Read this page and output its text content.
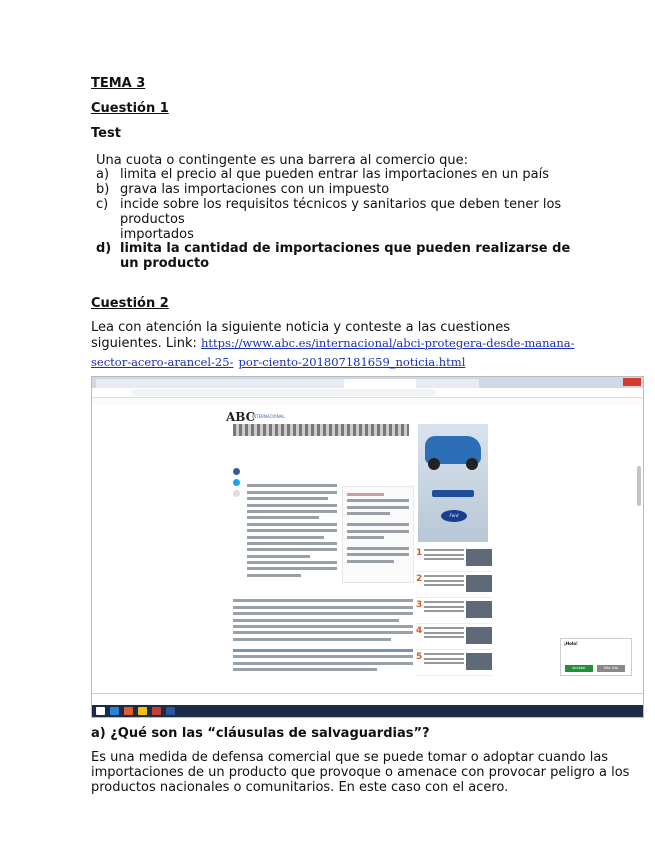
TEMA 3
Cuestión 1
Test
Una cuota o contingente es una barrera al comercio que:
a) limita el precio al que pueden entrar las importaciones en un país
b) grava las importaciones con un impuesto
c) incide sobre los requisitos técnicos y sanitarios que deben tener los
productos
importados
d) limita la cantidad de importaciones que pueden realizarse de
un producto
Cuestión 2
Lea con atención la siguiente noticia y conteste a las cuestiones
siguientes. Link: https://www.abc.es/internacional/abci-protegera-desde-manana-
sector-acero-arancel-25- por-ciento-201807181659_noticia.html
ABC
INTERNACIONAL
Ford
1
2
3
4
5
¡Hola!
Aceptar	Más info
a) ¿Qué son las “cláusulas de salvaguardias”?
Es una medida de defensa comercial que se puede tomar o adoptar cuando las
importaciones de un producto que provoque o amenace con provocar peligro a los
productos nacionales o comunitarios. En este caso con el acero.
